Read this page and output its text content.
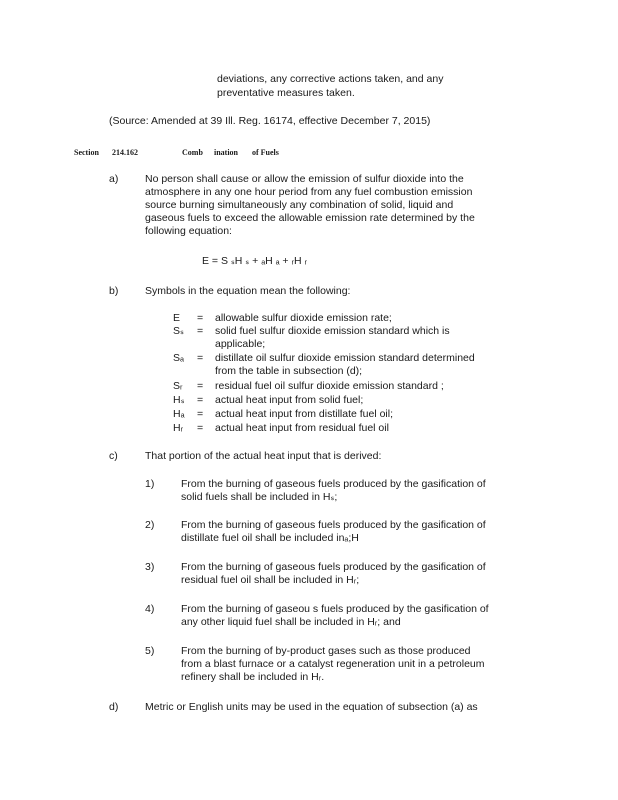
deviations, any corrective actions taken, and any
preventative measures taken.
(Source: Amended at 39 Ill. Reg. 16174, effective December 7, 2015)
Section 214.162	Comb ination of Fuels
a)	No person shall cause or allow the emission of sulfur dioxide into the
atmosphere in any one hour period from any fuel combustion emission
source burning simultaneously any combination of solid, liquid and
gaseous fuels to exceed the allowable emission rate determined by the
following equation:
E = S ₛH ₛ + ₐH ₐ + ᵣH ᵣ
b)	Symbols in the equation mean the following:
E = allowable sulfur dioxide emission rate;
Sₛ = solid fuel sulfur dioxide emission standard which is
applicable;
Sₐ = distillate oil sulfur dioxide emission standard determined
from the table in subsection (d);
Sᵣ = residual fuel oil sulfur dioxide emission standard ;
Hₛ = actual heat input from solid fuel;
Hₐ = actual heat input from distillate fuel oil;
Hᵣ = actual heat input from residual fuel oil
c)	That portion of the actual heat input that is derived:
1)	From the burning of gaseous fuels produced by the gasification of
solid fuels shall be included in Hₛ;
2)	From the burning of gaseous fuels produced by the gasification of
distillate fuel oil shall be included inₐ;H
3)	From the burning of gaseous fuels produced by the gasification of
residual fuel oil shall be included in Hᵣ;
4)	From the burning of gaseou s fuels produced by the gasification of
any other liquid fuel shall be included in Hᵣ; and
5)	From the burning of by-product gases such as those produced
from a blast furnace or a catalyst regeneration unit in a petroleum
refinery shall be included in Hᵣ.
d)	Metric or English units may be used in the equation of subsection (a) as
